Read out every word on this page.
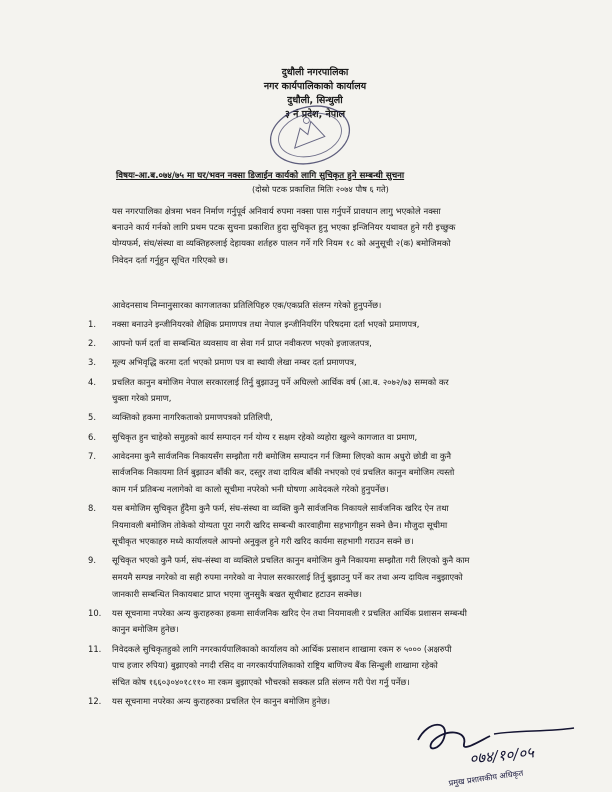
दुधौली नगरपालिका
नगर कार्यपालिकाको कार्यालय
दुधौली, सिन्धुली
३ नं प्रदेश, नेपाल
विषयः-आ.ब.०७४/७५ मा घर/भवन नक्सा डिजाईन कार्यको लागि सुचिकृत हुने सम्बन्धी सुचना
(दोस्रो पटक प्रकाशित मितिः २०७४ पौष ६ गते)
यस नगरपालिका क्षेत्रमा भवन निर्माण गर्नुपूर्व अनिवार्य रुपमा नक्सा पास गर्नुपर्ने प्रावधान लागु भएकोले नक्सा
बनाउने कार्य गर्नको लागि प्रथम पटक सुचना प्रकाशित हुदा सुचिकृत हुनु भएका इन्जिनियर यथावत हुने गरी इच्छुक
योग्यफर्म, संघ/संस्था वा व्यक्तिहरुलाई देहायका शर्तहरु पालन गर्ने गरि नियम १८ को अनुसूची २(क) बमोजिमको
निवेदन दर्ता गर्नुहुन सूचित गरिएको छ।
आवेदनसाथ निम्नानुसारका कागजातका प्रतिलिपिहरु एक/एकप्रति संलग्न गरेको हुनुपर्नेछ।
1. नक्सा बनाउने इन्जीनियरको शैक्षिक प्रमाणपत्र तथा नेपाल इन्जीनियरिंग परिषदमा दर्ता भएको प्रमाणपत्र,
2. आफ्नो फर्म दर्ता वा सम्बन्धित व्यवसाय वा सेवा गर्न प्राप्त नवीकरण भएको इजाजतपत्र,
3. मूल्य अभिवृद्धि करमा दर्ता भएको प्रमाण पत्र वा स्थायी लेखा नम्बर दर्ता प्रमाणपत्र,
4. प्रचलित कानुन बमोजिम नेपाल सरकारलाई तिर्नु बुझाउनु पर्ने अघिल्लो आर्थिक वर्ष (आ.ब. २०७२/७३ सम्मको कर
चुक्ता गरेको प्रमाण,
5. व्यक्तिको हकमा नागरिकताको प्रमाणपत्रको प्रतिलिपी,
6. सुचिकृत हुन चाहेको समुहको कार्य सम्पादन गर्न योग्य र सक्षम रहेको व्यहोरा खुल्ने कागजात वा प्रमाण,
7. आवेदनमा कुनै सार्वजनिक निकायसँग सम्झौता गरी बमोजिम सम्पादन गर्न जिम्मा लिएको काम अधुरो छोडी वा कुनै
सार्वजनिक निकायमा तिर्न बुझाउन बाँकी कर, दस्तुर तथा दायित्व बाँकी नभएको एवं प्रचलित कानुन बमोजिम त्यस्तो
काम गर्न प्रतिबन्ध नलागेको वा कालो सूचीमा नपरेको भनी घोषणा आवेदकले गरेको हुनुपर्नेछ।
8. यस बमोजिम सुचिकृत हुँदैमा कुनै फर्म, संघ-संस्था वा व्यक्ति कुनै सार्वजनिक निकायले सार्वजनिक खरिद ऐन तथा
नियमावली बमोजिम तोकेको योग्यता पूरा नगरी खरिद सम्बन्धी कारवाहीमा सहभागीहुन सक्ने छैन। मौजुदा सूचीमा
सूचीकृत भएकाहरु मध्ये कार्यालयले आफ्नो अनुकुल हुने गरी खरिद कार्यमा सहभागी गराउन सक्ने छ।
9. सूचिकृत भएको कुनै फर्म, संघ-संस्था वा व्यक्तिले प्रचलित कानुन बमोजिम कुनै निकायमा सम्झौता गरी लिएको कुनै काम
समयमै सम्पन्न नगरेको वा सही रुपमा नगरेको वा नेपाल सरकारलाई तिर्नु बुझाउनु पर्ने कर तथा अन्य दायित्व नबुझाएको
जानकारी सम्बन्धित निकायबाट प्राप्त भएमा जुनसुकै बखत सूचीबाट हटाउन सक्नेछ।
10. यस सूचनामा नपरेका अन्य कुराहरुका हकमा सार्वजनिक खरिद ऐन तथा नियमावली र प्रचलित आर्थिक प्रशासन सम्बन्धी
कानुन बमोजिम हुनेछ।
11. निवेदकले सुचिकृतहुको लागि नगरकार्यपालिकाको कार्यालय को आर्थिक प्रसाशन शाखामा रकम रु ५००० (अक्षरुपी
पाच हजार रुपिया) बुझाएको नगदी रसिद वा नगरकार्यपालिकाको राष्ट्रिय बाणिज्य बैंक सिन्धुली शाखामा रहेको
संचित कोष १६६०३०४०१८११० मा रकम बुझाएको भौचरको सक्कल प्रति संलग्न गरी पेश गर्नु पर्नेछ।
12. यस सूचनामा नपरेका अन्य कुराहरुका प्रचलित ऐन कानुन बमोजिम हुनेछ।
०७४/१०/०५
प्रमुख प्रशासकीय अधिकृत
